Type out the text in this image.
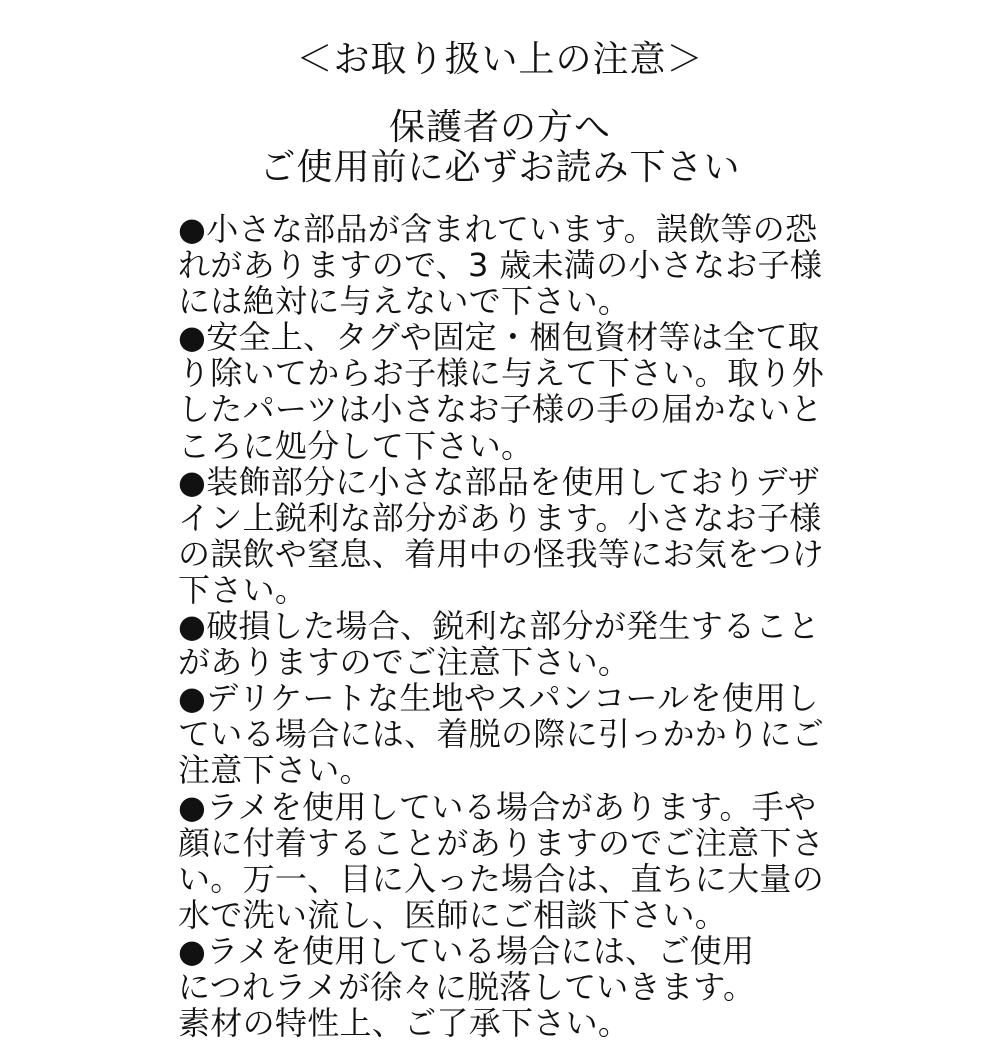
＜お取り扱い上の注意＞
保護者の方へ
ご使用前に必ずお読み下さい
●小さな部品が含まれています。誤飲等の恐
れがありますので、3 歳未満の小さなお子様
には絶対に与えないで下さい。
●安全上、タグや固定・梱包資材等は全て取
り除いてからお子様に与えて下さい。取り外
したパーツは小さなお子様の手の届かないと
ころに処分して下さい。
●装飾部分に小さな部品を使用しておりデザ
イン上鋭利な部分があります。小さなお子様
の誤飲や窒息、着用中の怪我等にお気をつけ
下さい。
●破損した場合、鋭利な部分が発生すること
がありますのでご注意下さい。
●デリケートな生地やスパンコールを使用し
ている場合には、着脱の際に引っかかりにご
注意下さい。
●ラメを使用している場合があります。手や
顔に付着することがありますのでご注意下さ
い。万一、目に入った場合は、直ちに大量の
水で洗い流し、医師にご相談下さい。
●ラメを使用している場合には、ご使用
につれラメが徐々に脱落していきます。
素材の特性上、ご了承下さい。
